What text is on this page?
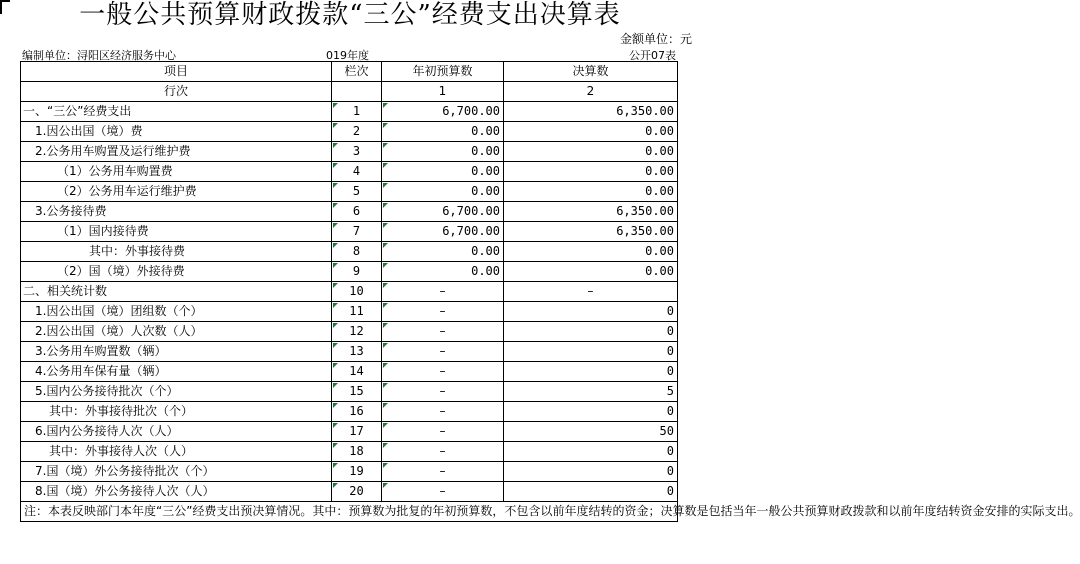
一般公共预算财政拨款“三公”经费支出决算表
金额单位：元
编制单位：浔阳区经济服务中心	019年度	公开07表
项目	栏次	年初预算数	决算数
行次		1	2
一、“三公”经费支出	1	6,700.00	6,350.00
1.因公出国（境）费	2	0.00	0.00
2.公务用车购置及运行维护费	3	0.00	0.00
（1）公务用车购置费	4	0.00	0.00
（2）公务用车运行维护费	5	0.00	0.00
3.公务接待费	6	6,700.00	6,350.00
（1）国内接待费	7	6,700.00	6,350.00
其中：外事接待费	8	0.00	0.00
（2）国（境）外接待费	9	0.00	0.00
二、相关统计数	10	–	–
1.因公出国（境）团组数（个）	11	–	0
2.因公出国（境）人次数（人）	12	–	0
3.公务用车购置数（辆）	13	–	0
4.公务用车保有量（辆）	14	–	0
5.国内公务接待批次（个）	15	–	5
其中：外事接待批次（个）	16	–	0
6.国内公务接待人次（人）	17	–	50
其中：外事接待人次（人）	18	–	0
7.国（境）外公务接待批次（个）	19	–	0
8.国（境）外公务接待人次（人）	20	–	0
注：本表反映部门本年度“三公”经费支出预决算情况。其中：预算数为批复的年初预算数，不包含以前年度结转的资金；决算数是包括当年一般公共预算财政拨款和以前年度结转资金安排的实际支出。			
